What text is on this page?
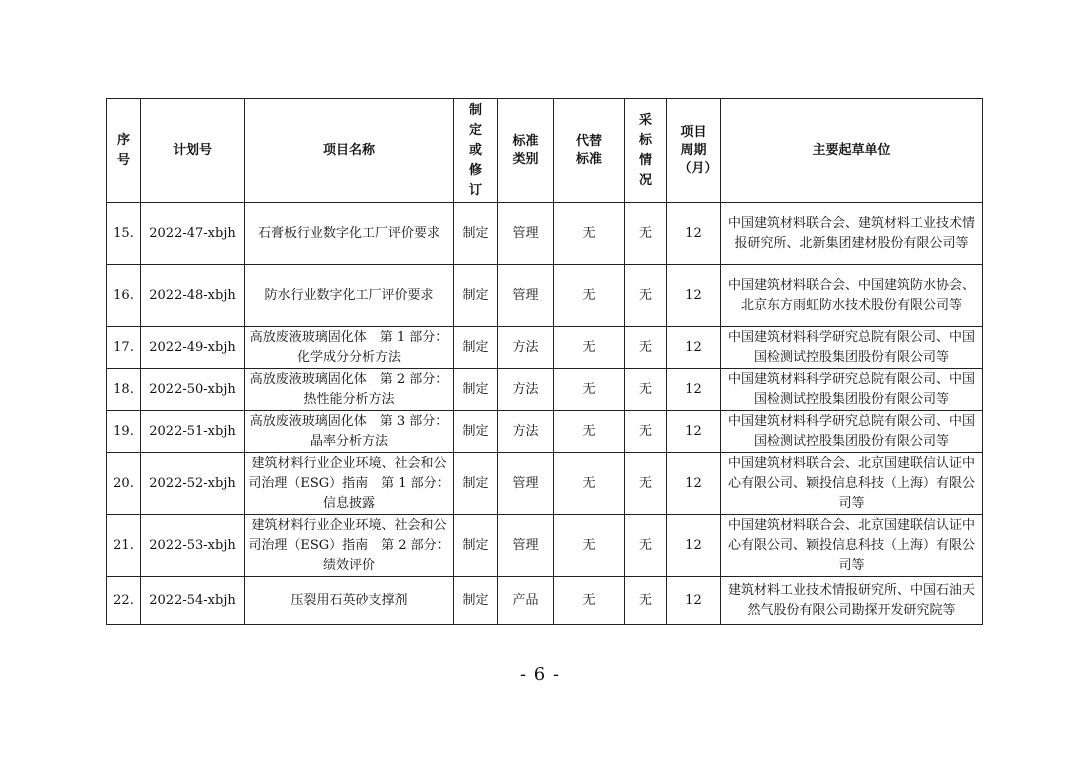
序号	计划号	项目名称	制定或修订	标准类别	代替标准	采标情况	项目周期（月）	主要起草单位
15.	2022-47-xbjh	石膏板行业数字化工厂评价要求	制定	管理	无	无	12	中国建筑材料联合会、建筑材料工业技术情报研究所、北新集团建材股份有限公司等
16.	2022-48-xbjh	防水行业数字化工厂评价要求	制定	管理	无	无	12	中国建筑材料联合会、中国建筑防水协会、北京东方雨虹防水技术股份有限公司等
17.	2022-49-xbjh	高放废液玻璃固化体　第 1 部分：化学成分分析方法	制定	方法	无	无	12	中国建筑材料科学研究总院有限公司、中国国检测试控股集团股份有限公司等
18.	2022-50-xbjh	高放废液玻璃固化体　第 2 部分：热性能分析方法	制定	方法	无	无	12	中国建筑材料科学研究总院有限公司、中国国检测试控股集团股份有限公司等
19.	2022-51-xbjh	高放废液玻璃固化体　第 3 部分：晶率分析方法	制定	方法	无	无	12	中国建筑材料科学研究总院有限公司、中国国检测试控股集团股份有限公司等
20.	2022-52-xbjh	建筑材料行业企业环境、社会和公司治理（ESG）指南　第 1 部分：信息披露	制定	管理	无	无	12	中国建筑材料联合会、北京国建联信认证中心有限公司、颖投信息科技（上海）有限公司等
21.	2022-53-xbjh	建筑材料行业企业环境、社会和公司治理（ESG）指南　第 2 部分：绩效评价	制定	管理	无	无	12	中国建筑材料联合会、北京国建联信认证中心有限公司、颖投信息科技（上海）有限公司等
22.	2022-54-xbjh	压裂用石英砂支撑剂	制定	产品	无	无	12	建筑材料工业技术情报研究所、中国石油天然气股份有限公司勘探开发研究院等
- 6 -
